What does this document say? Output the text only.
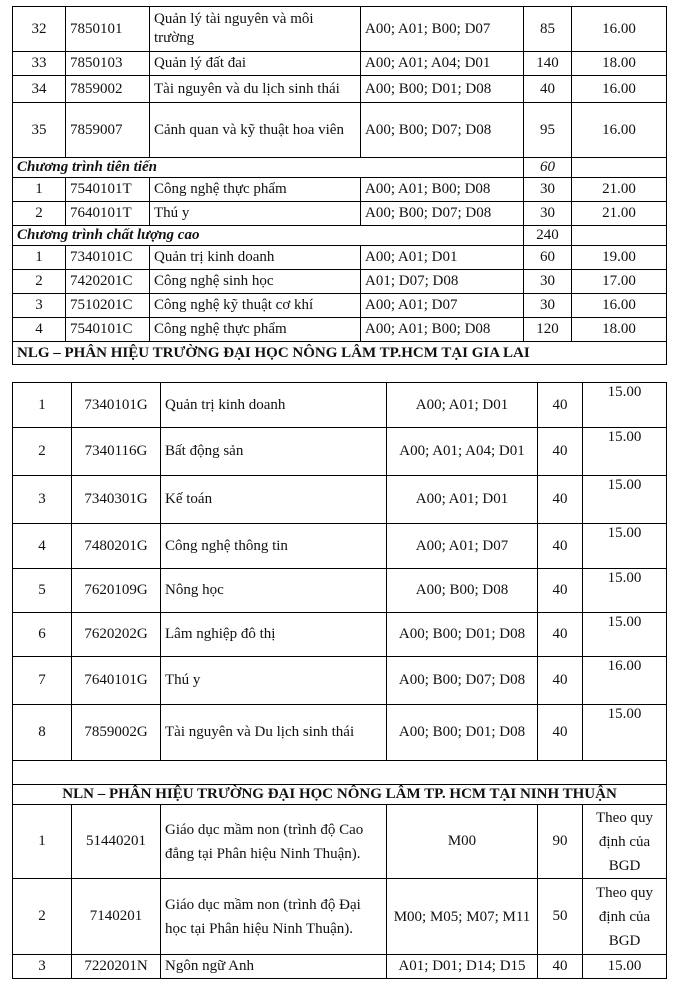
32	7850101	Quản lý tài nguyên và môi trường	A00; A01; B00; D07	85	16.00
33	7850103	Quản lý đất đai	A00; A01; A04; D01	140	18.00
34	7859002	Tài nguyên và du lịch sinh thái	A00; B00; D01; D08	40	16.00
35	7859007	Cảnh quan và kỹ thuật hoa viên	A00; B00; D07; D08	95	16.00
Chương trình tiên tiến				60	
1	7540101T	Công nghệ thực phẩm	A00; A01; B00; D08	30	21.00
2	7640101T	Thú y	A00; B00; D07; D08	30	21.00
Chương trình chất lượng cao				240	
1	7340101C	Quản trị kinh doanh	A00; A01; D01	60	19.00
2	7420201C	Công nghệ sinh học	A01; D07; D08	30	17.00
3	7510201C	Công nghệ kỹ thuật cơ khí	A00; A01; D07	30	16.00
4	7540101C	Công nghệ thực phẩm	A00; A01; B00; D08	120	18.00
NLG – PHÂN HIỆU TRƯỜNG ĐẠI HỌC NÔNG LÂM TP.HCM TẠI GIA LAI					
1	7340101G	Quản trị kinh doanh	A00; A01; D01	40	15.00
2	7340116G	Bất động sản	A00; A01; A04; D01	40	15.00
3	7340301G	Kế toán	A00; A01; D01	40	15.00
4	7480201G	Công nghệ thông tin	A00; A01; D07	40	15.00
5	7620109G	Nông học	A00; B00; D08	40	15.00
6	7620202G	Lâm nghiệp đô thị	A00; B00; D01; D08	40	15.00
7	7640101G	Thú y	A00; B00; D07; D08	40	16.00
8	7859002G	Tài nguyên và Du lịch sinh thái	A00; B00; D01; D08	40	15.00

NLN – PHÂN HIỆU TRƯỜNG ĐẠI HỌC NÔNG LÂM TP. HCM TẠI NINH THUẬN					
1	51440201	Giáo dục mầm non (trình độ Cao đẳng tại Phân hiệu Ninh Thuận).	M00	90	Theo quy định của BGD
2	7140201	Giáo dục mầm non (trình độ Đại học tại Phân hiệu Ninh Thuận).	M00; M05; M07; M11	50	Theo quy định của BGD
3	7220201N	Ngôn ngữ Anh	A01; D01; D14; D15	40	15.00
